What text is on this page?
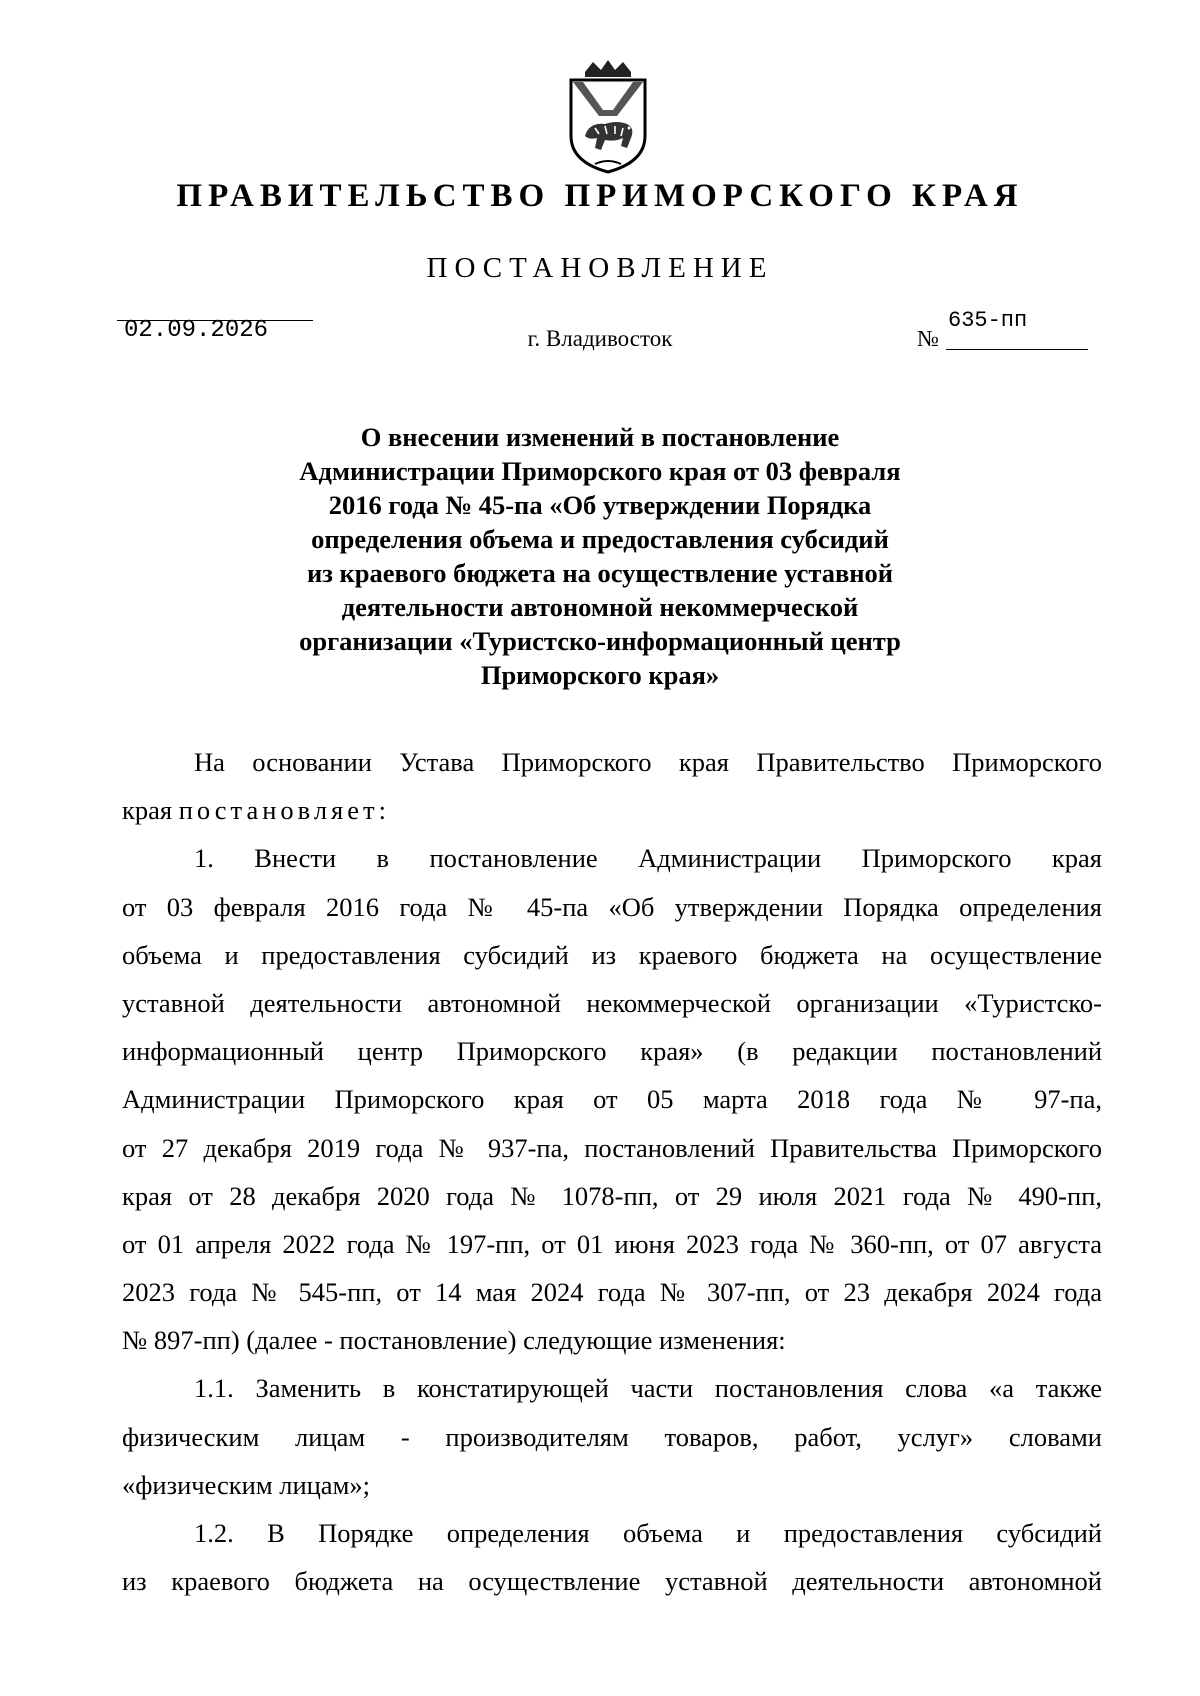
ПРАВИТЕЛЬСТВО ПРИМОРСКОГО КРАЯ
ПОСТАНОВЛЕНИЕ
02.09.2026	г. Владивосток	№
635-пп
О внесении изменений в постановление
Администрации Приморского края от 03 февраля
2016 года № 45-па «Об утверждении Порядка
определения объема и предоставления субсидий
из краевого бюджета на осуществление уставной
деятельности автономной некоммерческой
организации «Туристско-информационный центр
Приморского края»
На основании Устава Приморского края Правительство Приморского
края постановляет:
1. Внести в постановление Администрации Приморского края
от 03 февраля 2016 года № 45-па «Об утверждении Порядка определения
объема и предоставления субсидий из краевого бюджета на осуществление
уставной деятельности автономной некоммерческой организации «Туристско-
информационный центр Приморского края» (в редакции постановлений
Администрации Приморского края от 05 марта 2018 года № 97-па,
от 27 декабря 2019 года № 937-па, постановлений Правительства Приморского
края от 28 декабря 2020 года № 1078-пп, от 29 июля 2021 года № 490-пп,
от 01 апреля 2022 года № 197-пп, от 01 июня 2023 года № 360-пп, от 07 августа
2023 года № 545-пп, от 14 мая 2024 года № 307-пп, от 23 декабря 2024 года
№ 897-пп) (далее - постановление) следующие изменения:
1.1. Заменить в констатирующей части постановления слова «а также
физическим лицам - производителям товаров, работ, услуг» словами
«физическим лицам»;
1.2. В Порядке определения объема и предоставления субсидий
из краевого бюджета на осуществление уставной деятельности автономной
